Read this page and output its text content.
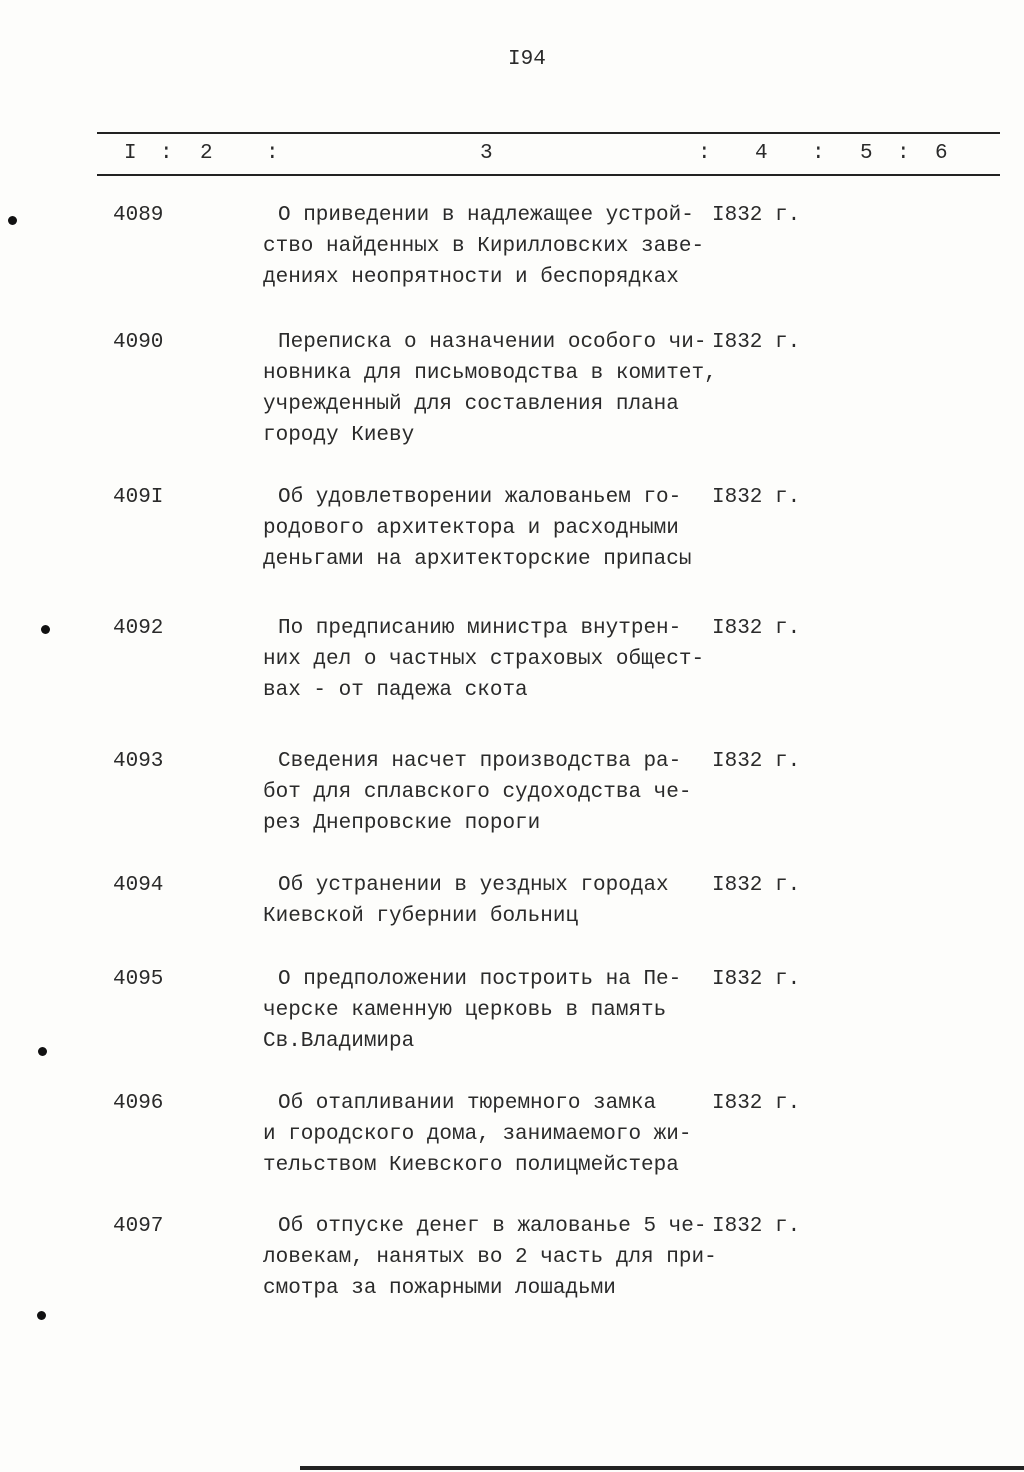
I94
I : 2	:	3	: 4 : 5 : 6
4089	О приведении в надлежащее устрой-
ство найденных в Кирилловских заве-
дениях неопрятности и беспорядках
I832 г.
4090	Переписка о назначении особого чи-
новника для письмоводства в комитет,
учрежденный для составления плана
городу Киеву
I832 г.
409I	Об удовлетворении жалованьем го-
родового архитектора и расходными
деньгами на архитекторские припасы
I832 г.
4092	По предписанию министра внутрен-
них дел о частных страховых общест-
вах - от падежа скота
I832 г.
4093	Сведения насчет производства ра-
бот для сплавского судоходства че-
рез Днепровские пороги
I832 г.
4094	Об устранении в уездных городах
Киевской губернии больниц
I832 г.
4095	О предположении построить на Пе-
черске каменную церковь в память
Св.Владимира
I832 г.
4096	Об отапливании тюремного замка
и городского дома, занимаемого жи-
тельством Киевского полицмейстера
I832 г.
4097	Об отпуске денег в жалованье 5 че-
ловекам, нанятых во 2 часть для при-
смотра за пожарными лошадьми
I832 г.
